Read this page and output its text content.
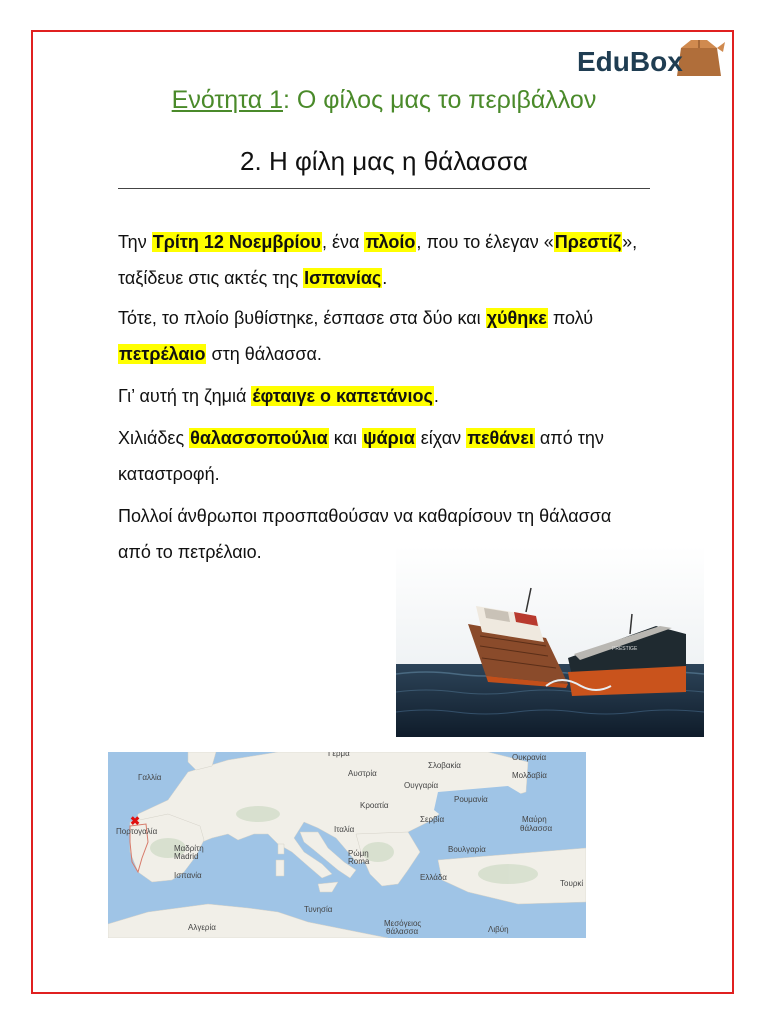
EduBox
Ενότητα 1: Ο φίλος μας το περιβάλλον
2. Η φίλη μας η θάλασσα
Την Τρίτη 12 Νοεμβρίου, ένα πλοίο, που το έλεγαν «Πρεστίζ», ταξίδευε στις ακτές της Ισπανίας.
Τότε, το πλοίο βυθίστηκε, έσπασε στα δύο και χύθηκε πολύ πετρέλαιο στη θάλασσα.
Γι’ αυτή τη ζημιά έφταιγε ο καπετάνιος.
Χιλιάδες θαλασσοπούλια και ψάρια είχαν πεθάνει από την καταστροφή.
Πολλοί άνθρωποι προσπαθούσαν να καθαρίσουν τη θάλασσα από το πετρέλαιο.
PRESTIGE
Γαλλία
Πορτογαλία
Μαδρίτη
Madrid
Ισπανία
Ιταλία
Ρώμη
Roma
Ελλάδα
Τουρκί
Βουλγαρία
Ρουμανία
Ουγγαρία
Σερβία
Κροατία
Ουκρανία
Σλοβακία
Αυστρία
Γερμα
Μολδαβία
Μαύρη
θάλασσα
Τυνησία
Μεσόγειος
θάλασσα
Αλγερία	Λιβύη
✖
